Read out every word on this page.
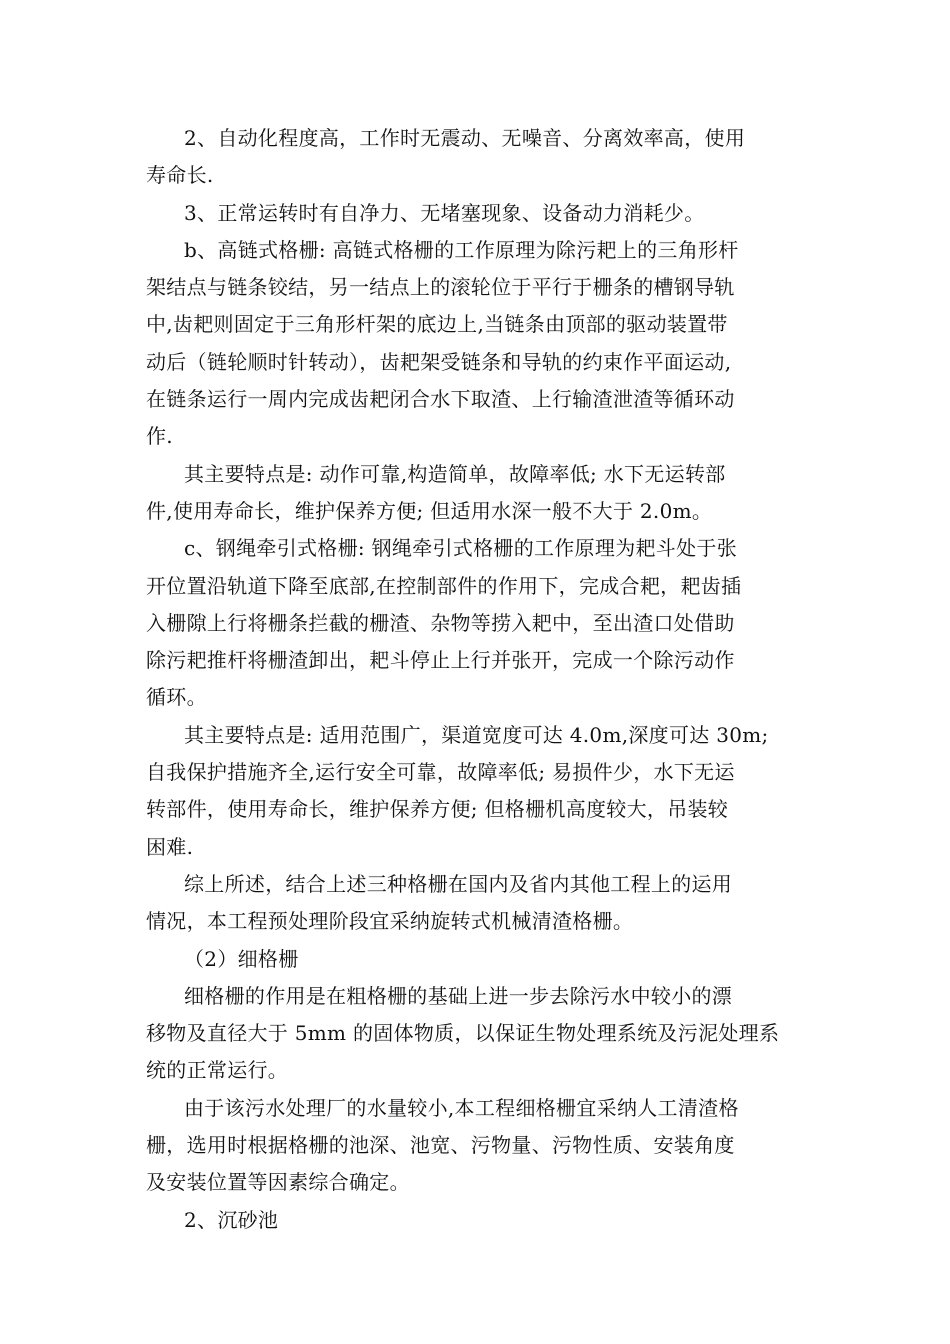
2、自动化程度高，工作时无震动、无噪音、分离效率高，使用
寿命长.
3、正常运转时有自净力、无堵塞现象、设备动力消耗少。
b、高链式格栅: 高链式格栅的工作原理为除污耙上的三角形杆
架结点与链条铰结，另一结点上的滚轮位于平行于栅条的槽钢导轨
中,齿耙则固定于三角形杆架的底边上,当链条由顶部的驱动装置带
动后（链轮顺时针转动），齿耙架受链条和导轨的约束作平面运动,
在链条运行一周内完成齿耙闭合水下取渣、上行输渣泄渣等循环动
作.
其主要特点是: 动作可靠,构造简单，故障率低; 水下无运转部
件,使用寿命长，维护保养方便; 但适用水深一般不大于 2.0m。
c、钢绳牵引式格栅: 钢绳牵引式格栅的工作原理为耙斗处于张
开位置沿轨道下降至底部,在控制部件的作用下，完成合耙，耙齿插
入栅隙上行将栅条拦截的栅渣、杂物等捞入耙中，至出渣口处借助
除污耙推杆将栅渣卸出，耙斗停止上行并张开，完成一个除污动作
循环。
其主要特点是: 适用范围广，渠道宽度可达 4.0m,深度可达 30m;
自我保护措施齐全,运行安全可靠，故障率低; 易损件少，水下无运
转部件，使用寿命长，维护保养方便; 但格栅机高度较大，吊装较
困难.
综上所述，结合上述三种格栅在国内及省内其他工程上的运用
情况，本工程预处理阶段宜采纳旋转式机械清渣格栅。
（2）细格栅
细格栅的作用是在粗格栅的基础上进一步去除污水中较小的漂
移物及直径大于 5mm 的固体物质，以保证生物处理系统及污泥处理系
统的正常运行。
由于该污水处理厂的水量较小,本工程细格栅宜采纳人工清渣格
栅，选用时根据格栅的池深、池宽、污物量、污物性质、安装角度
及安装位置等因素综合确定。
2、沉砂池
